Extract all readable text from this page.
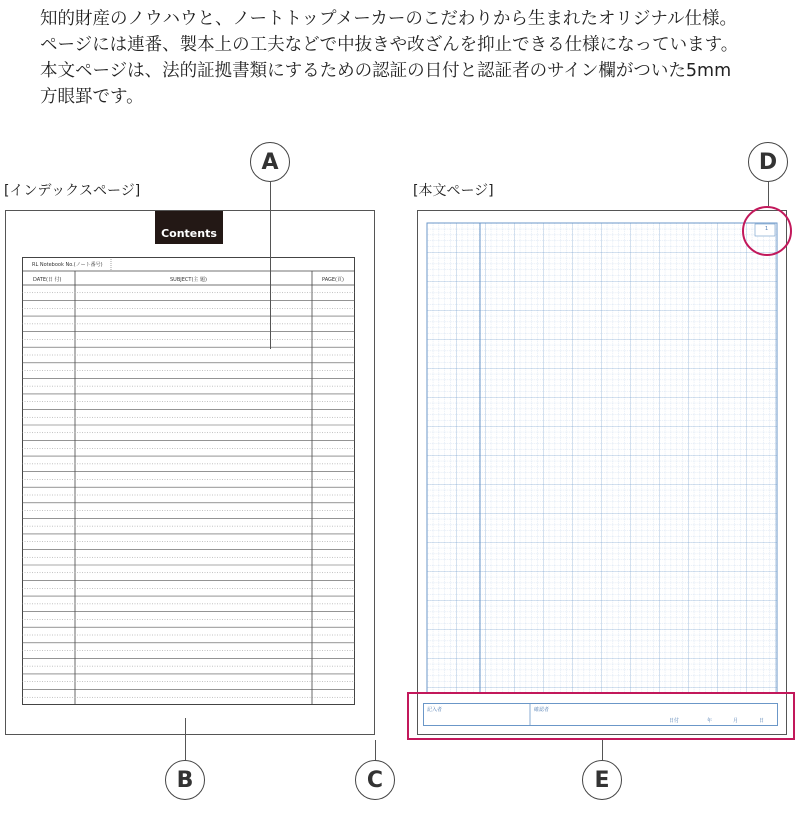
知的財産のノウハウと、ノートトップメーカーのこだわりから生まれたオリジナル仕様。

ページには連番、製本上の工夫などで中抜きや改ざんを抑止できる仕様になっています。

本文ページは、法的証拠書類にするための認証の日付と認証者のサイン欄がついた5mm

方眼罫です。

[インデックスページ]	[本文ページ]
Contents
RL Notebook No.(ノート番号)
DATE(日 付)	SUBJECT(主 題)	PAGE(頁)
1
記入者	確認者
日付	年	月	日
A
B	C
D
E
